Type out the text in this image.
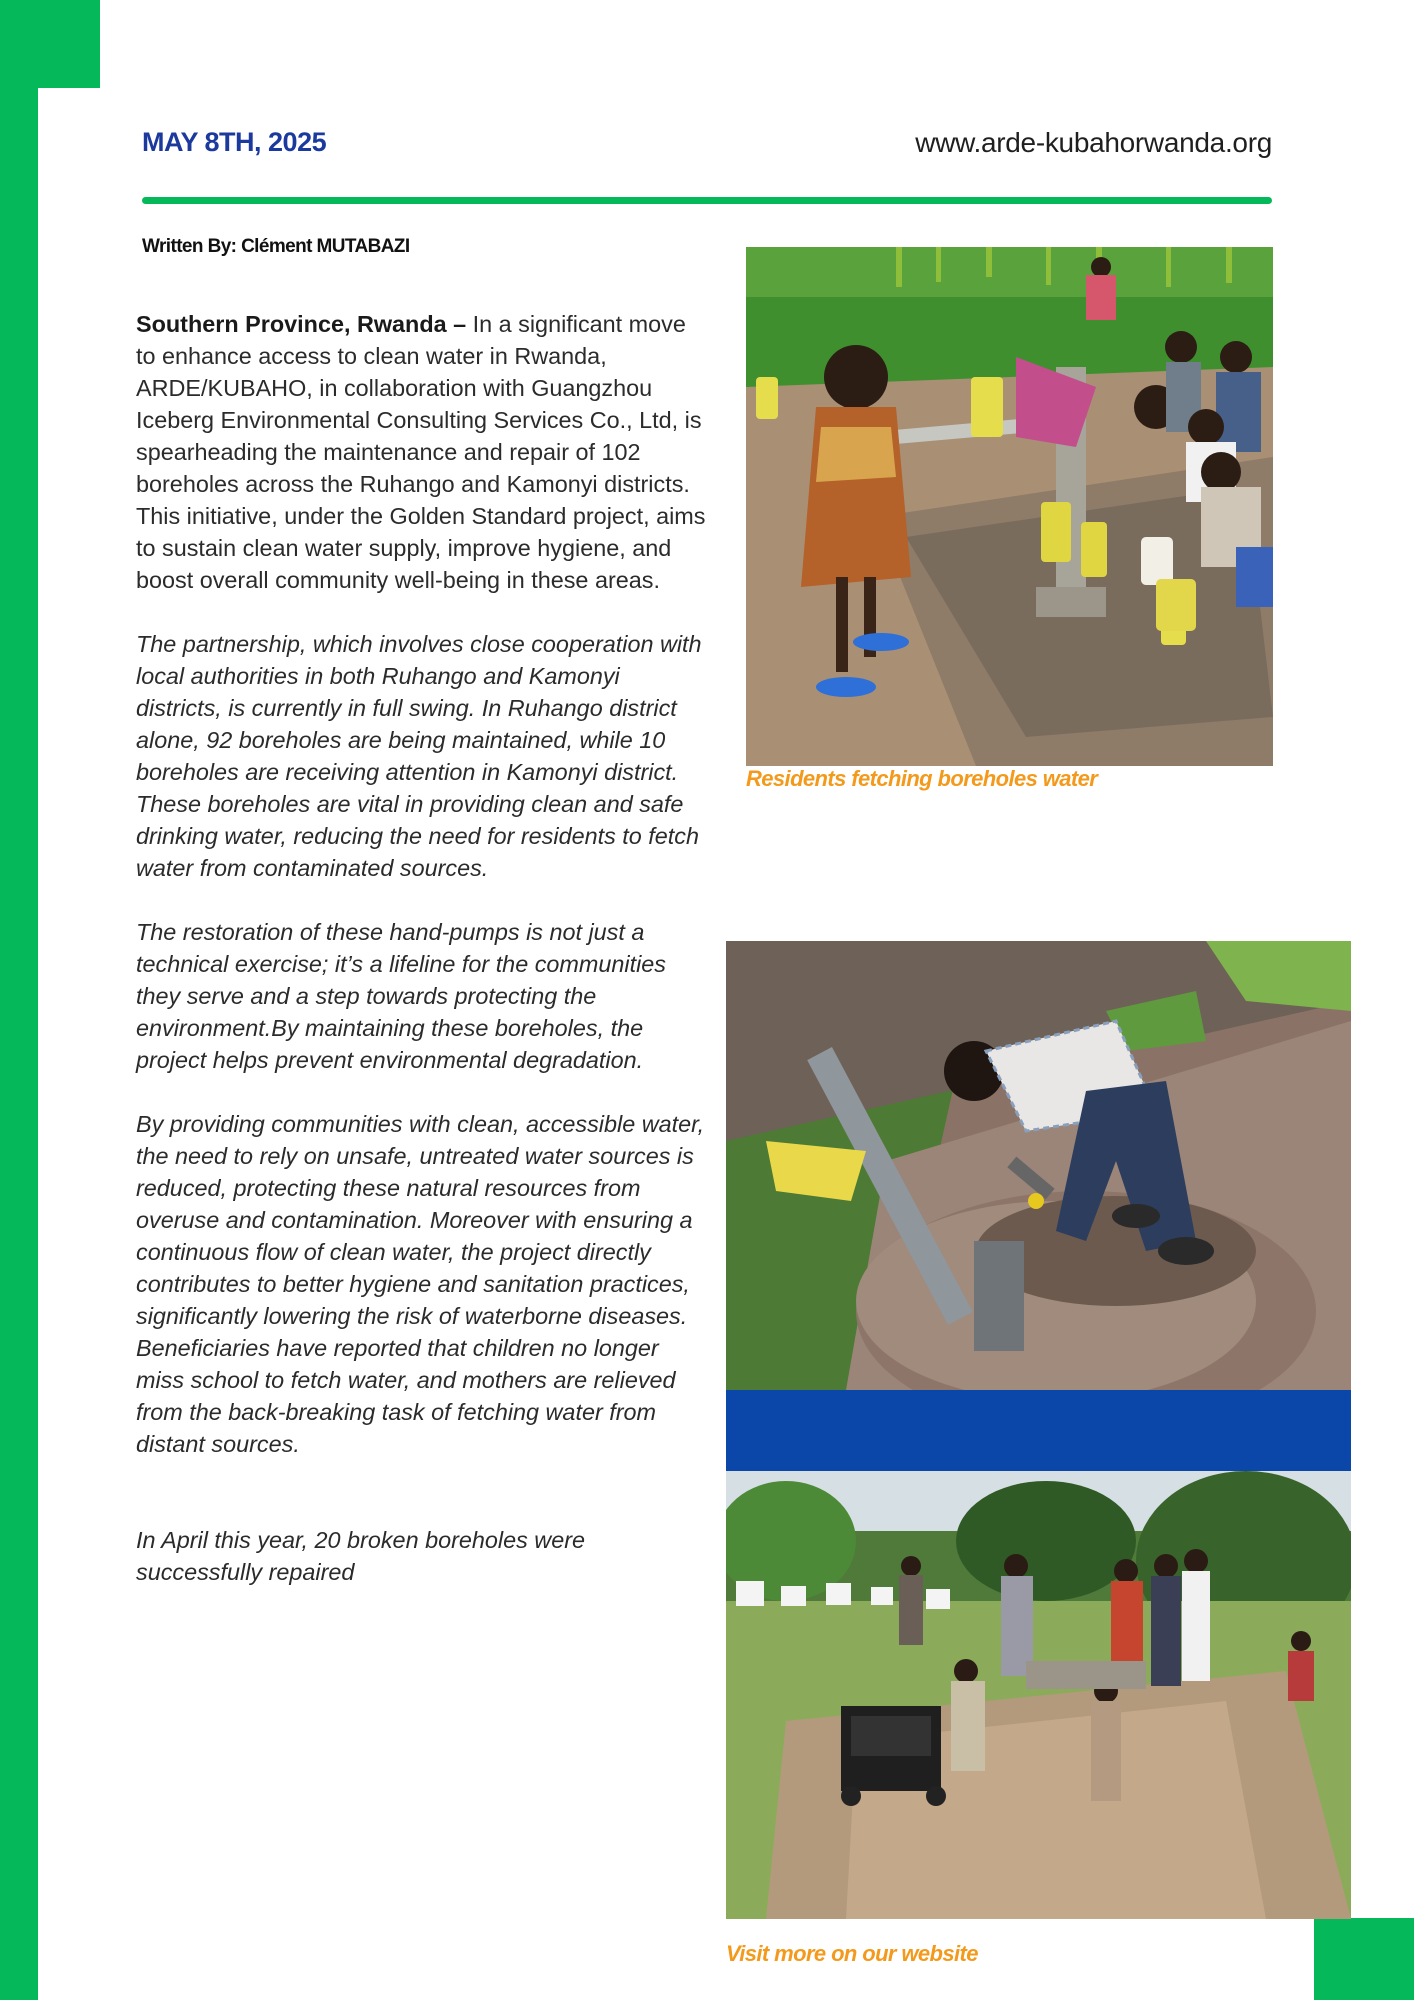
MAY 8TH, 2025	www.arde-kubahorwanda.org
Written By: Clément MUTABAZI

Southern Province, Rwanda – In a significant move to enhance access to clean water in Rwanda, ARDE/KUBAHO, in collaboration with Guangzhou Iceberg Environmental Consulting Services Co., Ltd, is spearheading the maintenance and repair of 102 boreholes across the Ruhango and Kamonyi districts. This initiative, under the Golden Standard project, aims to sustain clean water supply, improve hygiene, and boost overall community well-being in these areas.

The partnership, which involves close cooperation with local authorities in both Ruhango and Kamonyi districts, is currently in full swing. In Ruhango district alone, 92 boreholes are being maintained, while 10 boreholes are receiving attention in Kamonyi district. These boreholes are vital in providing clean and safe drinking water, reducing the need for residents to fetch water from contaminated sources.

The restoration of these hand-pumps is not just a technical exercise; it’s a lifeline for the communities they serve and a step towards protecting the environment.By maintaining these boreholes, the project helps prevent environmental degradation.

By providing communities with clean, accessible water, the need to rely on unsafe, untreated water sources is reduced, protecting these natural resources from overuse and contamination. Moreover with ensuring a continuous flow of clean water, the project directly contributes to better hygiene and sanitation practices, significantly lowering the risk of waterborne diseases. Beneficiaries have reported that children no longer miss school to fetch water, and mothers are relieved from the back-breaking task of fetching water from distant sources.

In April this year, 20 broken boreholes were successfully repaired

Residents fetching boreholes water
Visit more on our website
